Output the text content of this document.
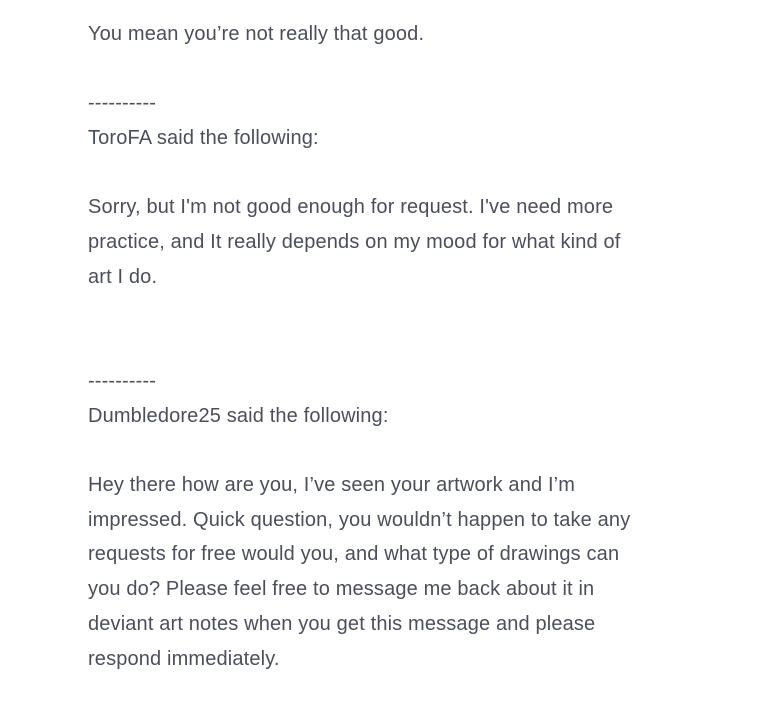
You mean you’re not really that good.
----------
ToroFA said the following:
Sorry, but I'm not good enough for request. I've need more
practice, and It really depends on my mood for what kind of
art I do.
----------
Dumbledore25 said the following:
Hey there how are you, I’ve seen your artwork and I’m
impressed. Quick question, you wouldn’t happen to take any
requests for free would you, and what type of drawings can
you do? Please feel free to message me back about it in
deviant art notes when you get this message and please
respond immediately.
